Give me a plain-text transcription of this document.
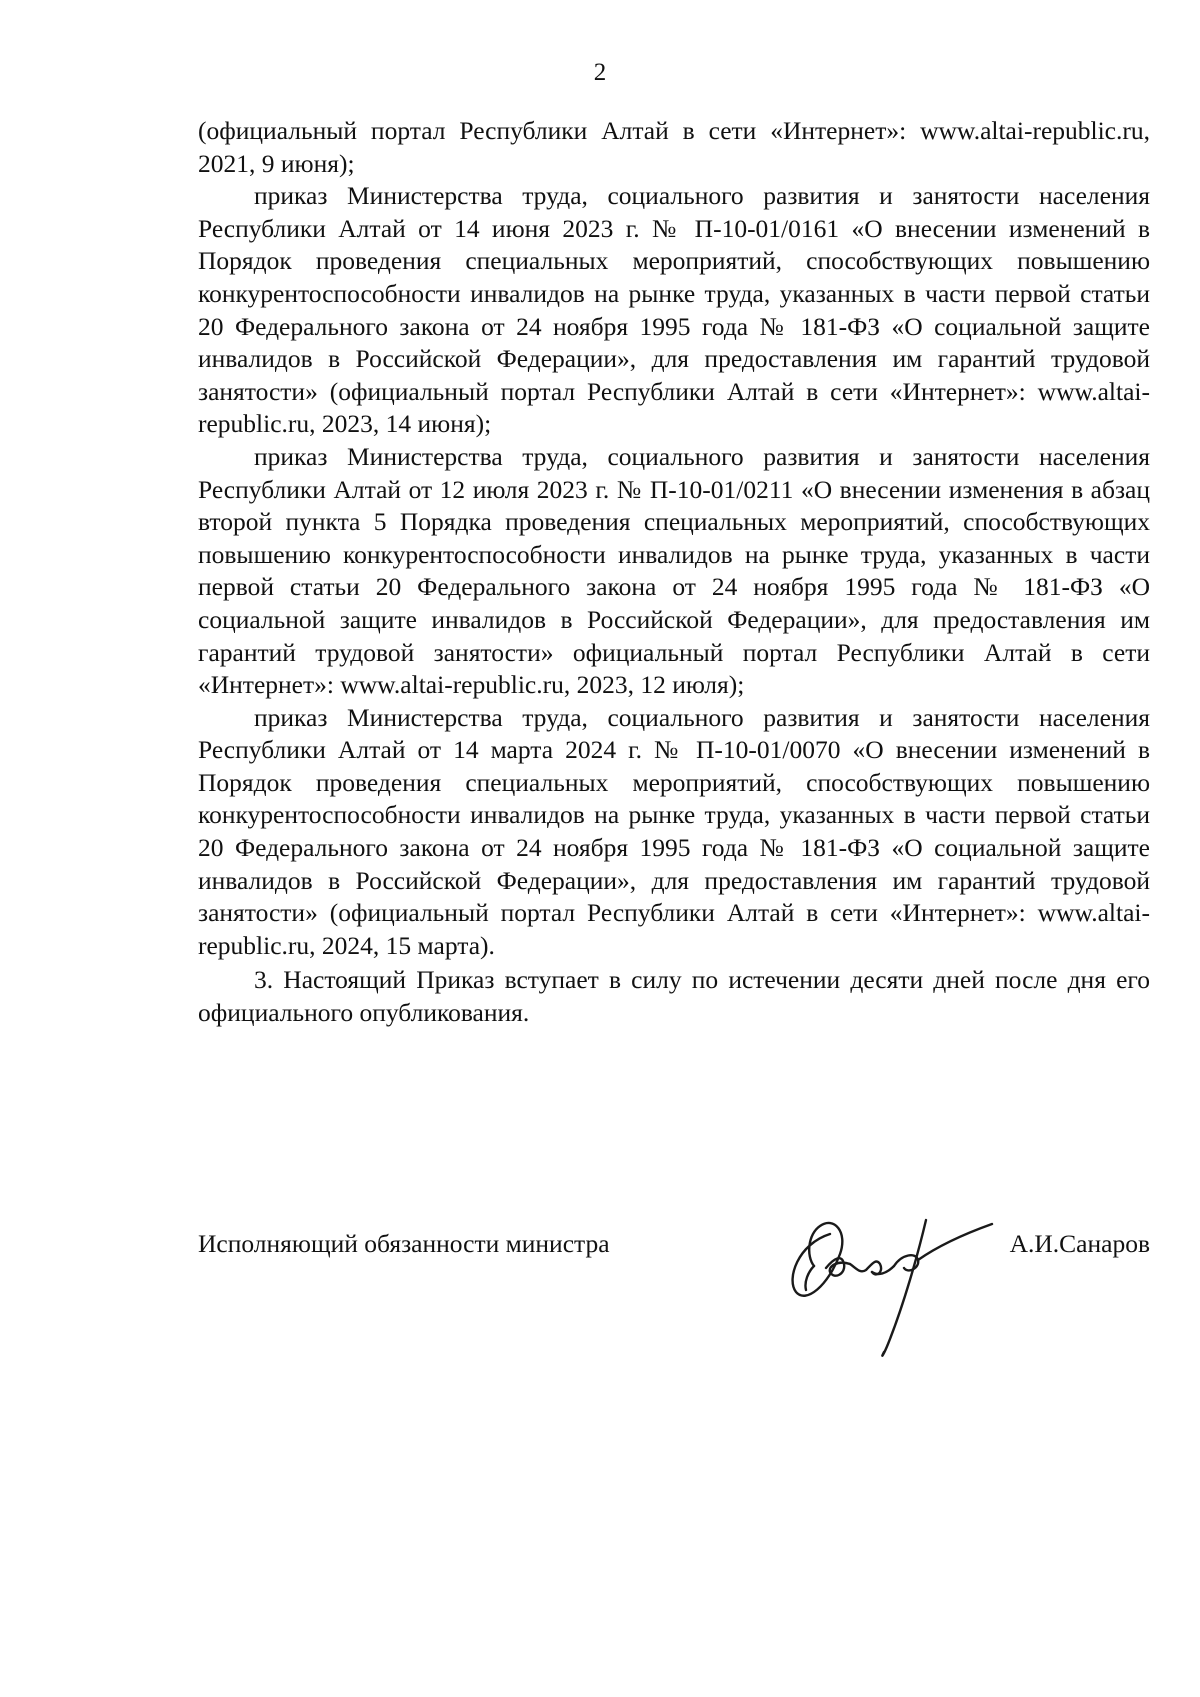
2

(официальный портал Республики Алтай в сети «Интернет»: www.altai-republic.ru, 2021, 9 июня);

приказ Министерства труда, социального развития и занятости населения Республики Алтай от 14 июня 2023 г. № П-10-01/0161 «О внесении изменений в Порядок проведения специальных мероприятий, способствующих повышению конкурентоспособности инвалидов на рынке труда, указанных в части первой статьи 20 Федерального закона от 24 ноября 1995 года № 181-ФЗ «О социальной защите инвалидов в Российской Федерации», для предоставления им гарантий трудовой занятости» (официальный портал Республики Алтай в сети «Интернет»: www.altai-republic.ru, 2023, 14 июня);

приказ Министерства труда, социального развития и занятости населения Республики Алтай от 12 июля 2023 г. № П-10-01/0211 «О внесении изменения в абзац второй пункта 5 Порядка проведения специальных мероприятий, способствующих повышению конкурентоспособности инвалидов на рынке труда, указанных в части первой статьи 20 Федерального закона от 24 ноября 1995 года № 181-ФЗ «О социальной защите инвалидов в Российской Федерации», для предоставления им гарантий трудовой занятости» официальный портал Республики Алтай в сети «Интернет»: www.altai-republic.ru, 2023, 12 июля);

приказ Министерства труда, социального развития и занятости населения Республики Алтай от 14 марта 2024 г. № П-10-01/0070 «О внесении изменений в Порядок проведения специальных мероприятий, способствующих повышению конкурентоспособности инвалидов на рынке труда, указанных в части первой статьи 20 Федерального закона от 24 ноября 1995 года № 181-ФЗ «О социальной защите инвалидов в Российской Федерации», для предоставления им гарантий трудовой занятости» (официальный портал Республики Алтай в сети «Интернет»: www.altai-republic.ru, 2024, 15 марта).

3. Настоящий Приказ вступает в силу по истечении десяти дней после дня его официального опубликования.

Исполняющий обязанности министра	А.И.Санаров
